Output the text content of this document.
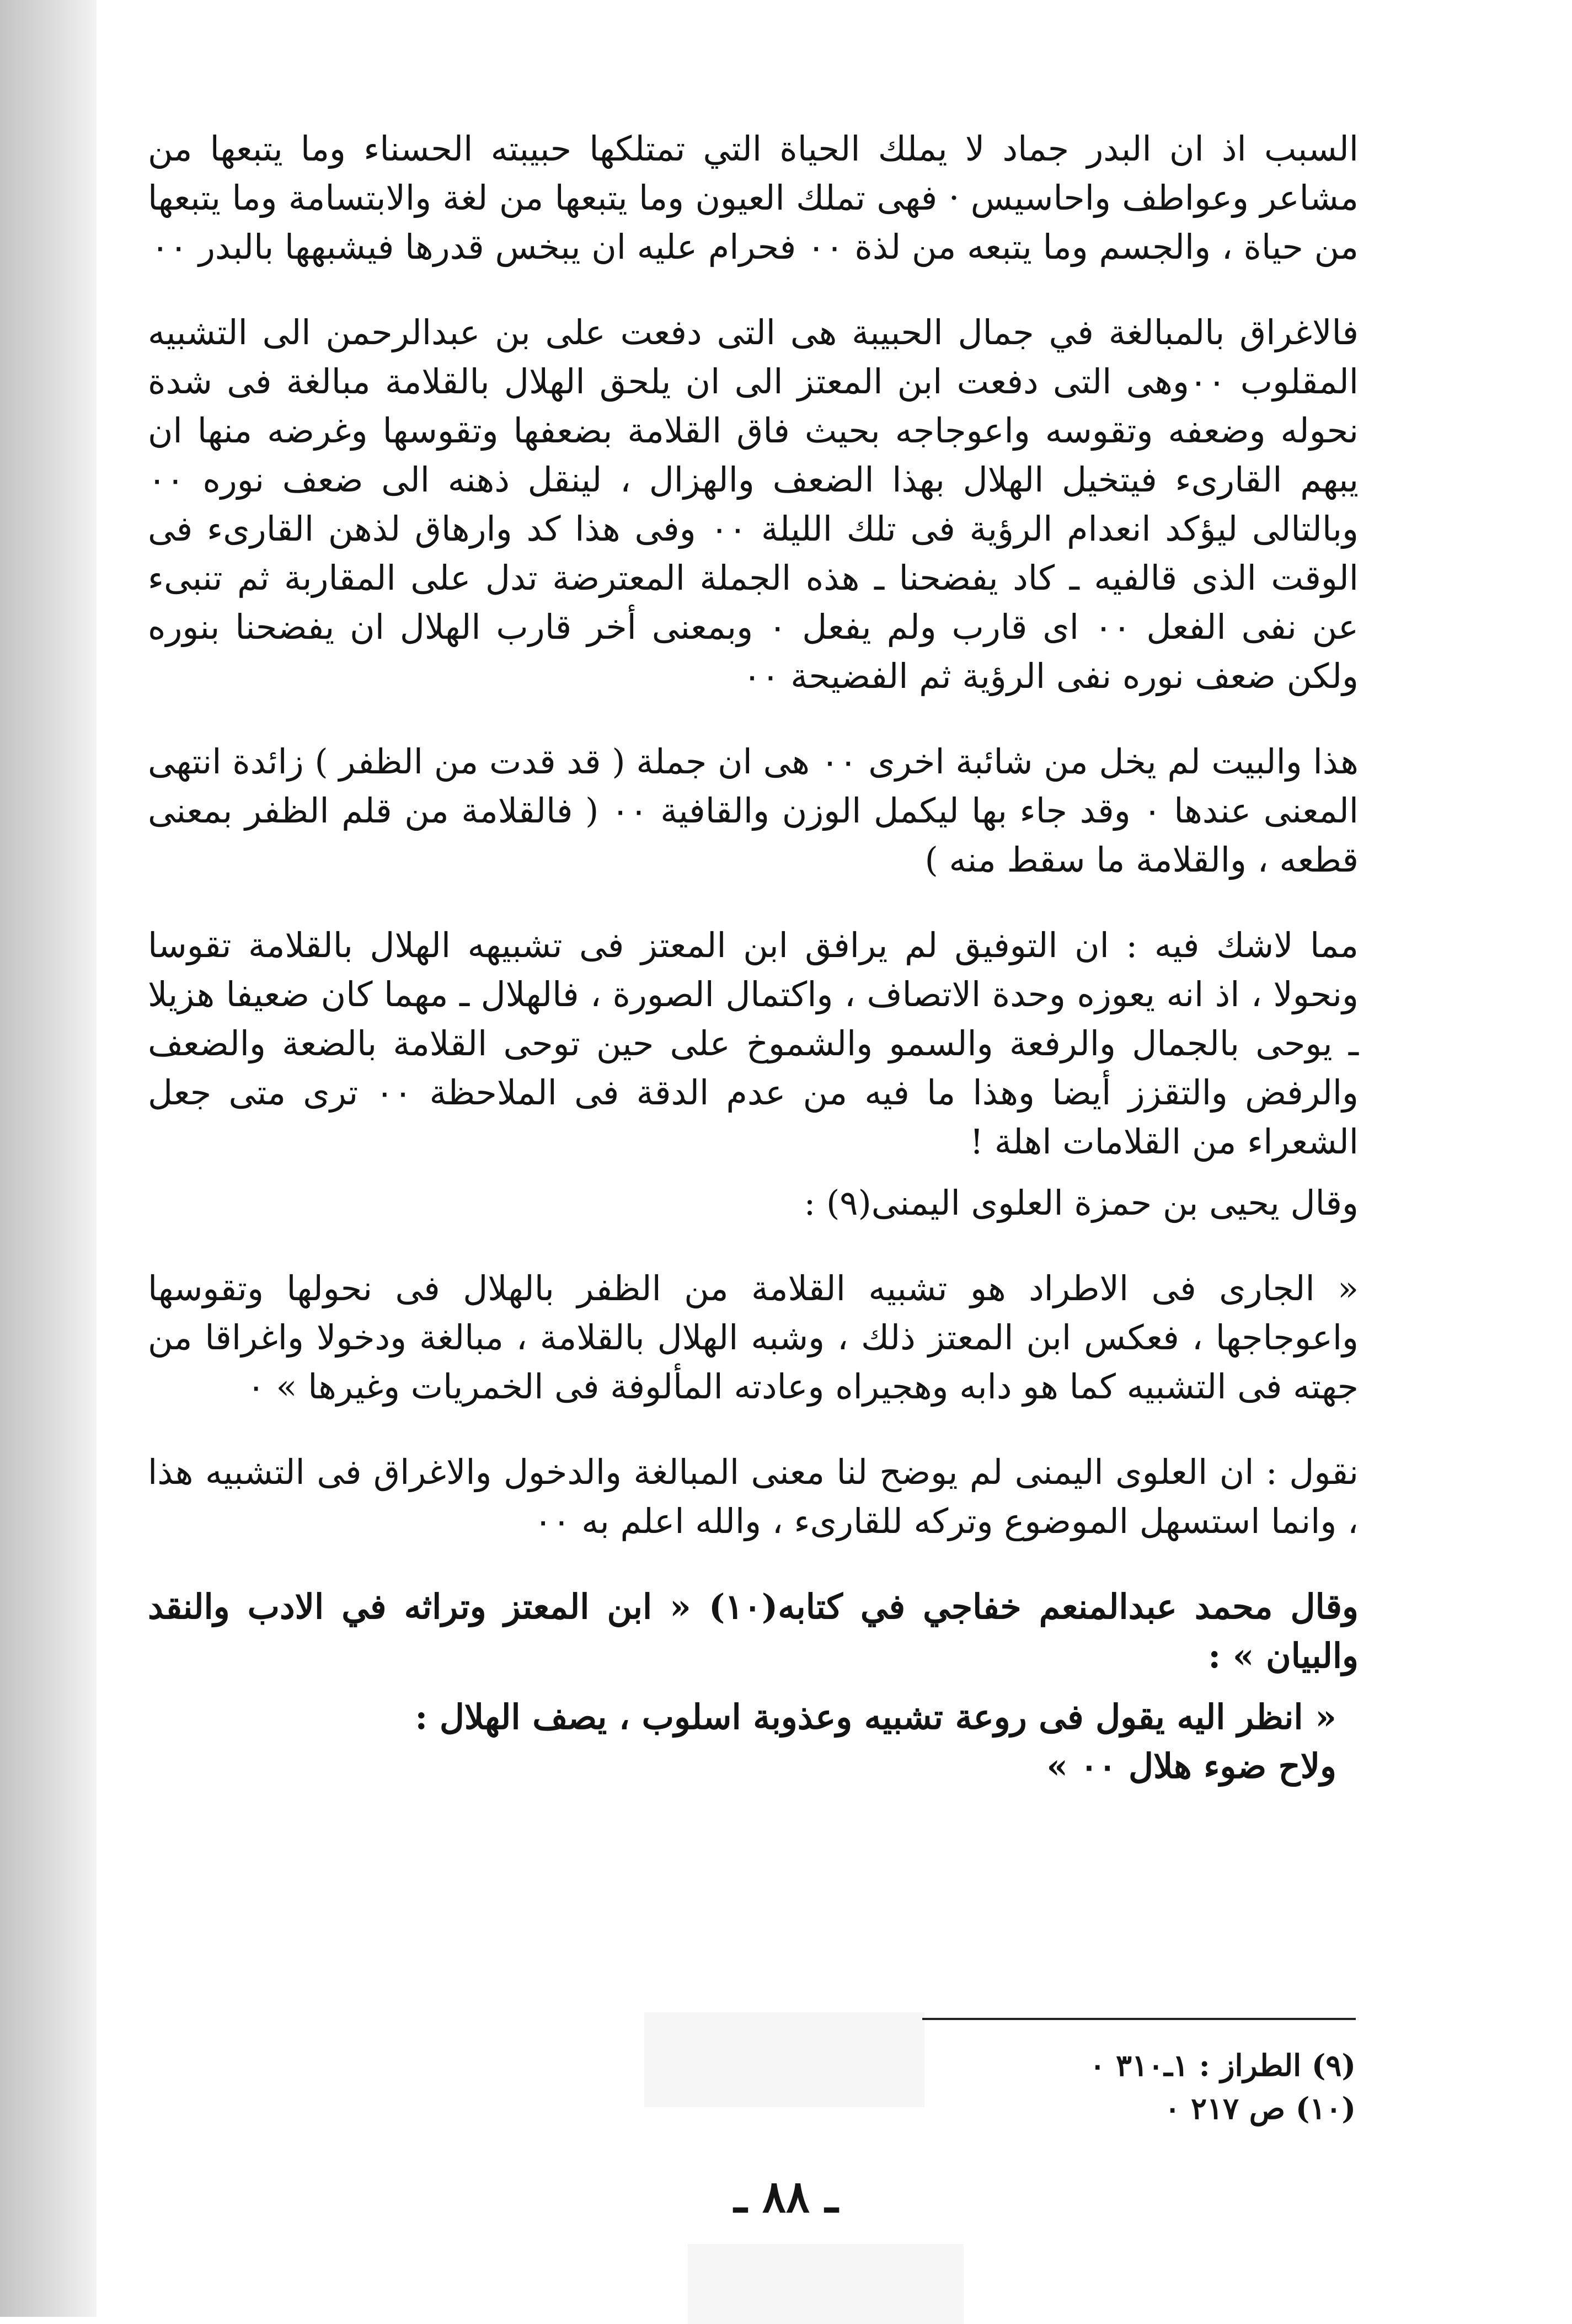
السبب اذ ان البدر جماد لا يملك الحياة التي تمتلكها حبيبته الحسناء وما يتبعها من مشاعر وعواطف واحاسيس · فهى تملك العيون وما يتبعها من لغة والابتسامة وما يتبعها من حياة ، والجسم وما يتبعه من لذة ٠٠ فحرام عليه ان يبخس قدرها فيشبهها بالبدر ٠٠

فالاغراق بالمبالغة في جمال الحبيبة هى التى دفعت على بن عبدالرحمن الى التشبيه المقلوب ٠٠وهى التى دفعت ابن المعتز الى ان يلحق الهلال بالقلامة مبالغة فى شدة نحوله وضعفه وتقوسه واعوجاجه بحيث فاق القلامة بضعفها وتقوسها وغرضه منها ان يبهم القارىء فيتخيل الهلال بهذا الضعف والهزال ، لينقل ذهنه الى ضعف نوره ٠٠ وبالتالى ليؤكد انعدام الرؤية فى تلك الليلة ٠٠ وفى هذا كد وارهاق لذهن القارىء فى الوقت الذى قالفيه ـ كاد يفضحنا ـ هذه الجملة المعترضة تدل على المقاربة ثم تنبىء عن نفى الفعل ٠٠ اى قارب ولم يفعل ٠ وبمعنى أخر قارب الهلال ان يفضحنا بنوره ولكن ضعف نوره نفى الرؤية ثم الفضيحة ٠٠

هذا والبيت لم يخل من شائبة اخرى ٠٠ هى ان جملة ( قد قدت من الظفر ) زائدة انتهى المعنى عندها ٠ وقد جاء بها ليكمل الوزن والقافية ٠٠ ( فالقلامة من قلم الظفر بمعنى قطعه ، والقلامة ما سقط منه )

مما لاشك فيه : ان التوفيق لم يرافق ابن المعتز فى تشبيهه الهلال بالقلامة تقوسا ونحولا ، اذ انه يعوزه وحدة الاتصاف ، واكتمال الصورة ، فالهلال ـ مهما كان ضعيفا هزيلا ـ يوحى بالجمال والرفعة والسمو والشموخ على حين توحى القلامة بالضعة والضعف والرفض والتقزز أيضا وهذا ما فيه من عدم الدقة فى الملاحظة ٠٠ ترى متى جعل الشعراء من القلامات اهلة !

وقال يحيى بن حمزة العلوى اليمنى(٩) :

« الجارى فى الاطراد هو تشبيه القلامة من الظفر بالهلال فى نحولها وتقوسها واعوجاجها ، فعكس ابن المعتز ذلك ، وشبه الهلال بالقلامة ، مبالغة ودخولا واغراقا من جهته فى التشبيه كما هو دابه وهجيراه وعادته المألوفة فى الخمريات وغيرها » ٠

نقول : ان العلوى اليمنى لم يوضح لنا معنى المبالغة والدخول والاغراق فى التشبيه هذا ، وانما استسهل الموضوع وتركه للقارىء ، والله اعلم به ٠٠

وقال محمد عبدالمنعم خفاجي في كتابه(١٠) « ابن المعتز وتراثه في الادب والنقد والبيان » :

« انظر اليه يقول فى روعة تشبيه وعذوبة اسلوب ، يصف الهلال :

ولاح ضوء هلال ٠٠ »

(٩) الطراز : ١ـ٣١٠ ٠

(١٠) ص ٢١٧ ٠

ـ ٨٨ ـ
